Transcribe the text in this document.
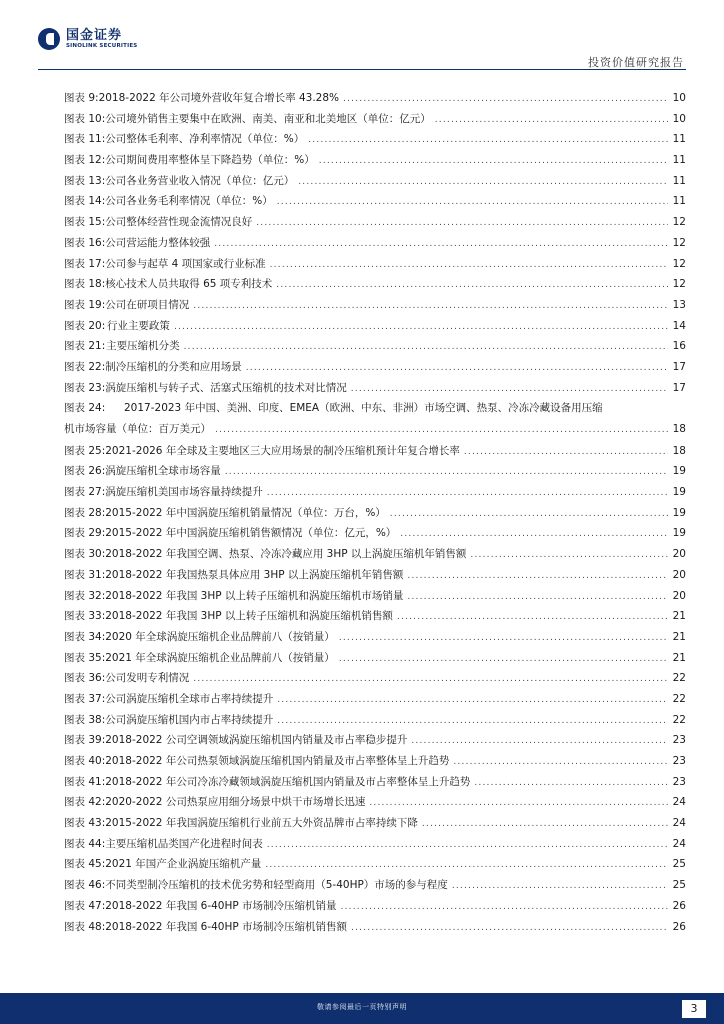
国金证券
SINOLINK SECURITIES
投资价值研究报告
图表 9: 2018-2022 年公司境外营收年复合增长率 43.28% .....	10
图表 10: 公司境外销售主要集中在欧洲、南美、南亚和北美地区（单位：亿元） .....	10
图表 11: 公司整体毛利率、净利率情况（单位：%） .....	11
图表 12: 公司期间费用率整体呈下降趋势（单位：%） .....	11
图表 13: 公司各业务营业收入情况（单位：亿元） .....	11
图表 14: 公司各业务毛利率情况（单位：%） .....	11
图表 15: 公司整体经营性现金流情况良好 .....	12
图表 16: 公司营运能力整体较强 .....	12
图表 17: 公司参与起草 4 项国家或行业标准 .....	12
图表 18: 核心技术人员共取得 65 项专利技术 .....	12
图表 19: 公司在研项目情况 .....	13
图表 20: 行业主要政策 .....	14
图表 21: 主要压缩机分类 .....	16
图表 22: 制冷压缩机的分类和应用场景 .....	17
图表 23: 涡旋压缩机与转子式、活塞式压缩机的技术对比情况 .....	17
图表 24: 2017-2023 年中国、美洲、印度、EMEA（欧洲、中东、非洲）市场空调、热泵、冷冻冷藏设备用压缩
机市场容量（单位：百万美元） .....	18
图表 25: 2021-2026 年全球及主要地区三大应用场景的制冷压缩机预计年复合增长率 .....	18
图表 26: 涡旋压缩机全球市场容量 .....	19
图表 27: 涡旋压缩机美国市场容量持续提升 .....	19
图表 28: 2015-2022 年中国涡旋压缩机销量情况（单位：万台，%） .....	19
图表 29: 2015-2022 年中国涡旋压缩机销售额情况（单位：亿元，%） .....	19
图表 30: 2018-2022 年我国空调、热泵、冷冻冷藏应用 3HP 以上涡旋压缩机年销售额 .....	20
图表 31: 2018-2022 年我国热泵具体应用 3HP 以上涡旋压缩机年销售额 .....	20
图表 32: 2018-2022 年我国 3HP 以上转子压缩机和涡旋压缩机市场销量 .....	20
图表 33: 2018-2022 年我国 3HP 以上转子压缩机和涡旋压缩机销售额 .....	21
图表 34: 2020 年全球涡旋压缩机企业品牌前八（按销量） .....	21
图表 35: 2021 年全球涡旋压缩机企业品牌前八（按销量） .....	21
图表 36: 公司发明专利情况 .....	22
图表 37: 公司涡旋压缩机全球市占率持续提升 .....	22
图表 38: 公司涡旋压缩机国内市占率持续提升 .....	22
图表 39: 2018-2022 公司空调领域涡旋压缩机国内销量及市占率稳步提升 .....	23
图表 40: 2018-2022 年公司热泵领域涡旋压缩机国内销量及市占率整体呈上升趋势 .....	23
图表 41: 2018-2022 年公司冷冻冷藏领域涡旋压缩机国内销量及市占率整体呈上升趋势 .....	23
图表 42: 2020-2022 公司热泵应用细分场景中烘干市场增长迅速 .....	24
图表 43: 2015-2022 年我国涡旋压缩机行业前五大外资品牌市占率持续下降 .....	24
图表 44: 主要压缩机品类国产化进程时间表 .....	24
图表 45: 2021 年国产企业涡旋压缩机产量 .....	25
图表 46: 不同类型制冷压缩机的技术优劣势和轻型商用（5-40HP）市场的参与程度 .....	25
图表 47: 2018-2022 年我国 6-40HP 市场制冷压缩机销量 .....	26
图表 48: 2018-2022 年我国 6-40HP 市场制冷压缩机销售额 .....	26
敬请参阅最后一页特别声明	3
